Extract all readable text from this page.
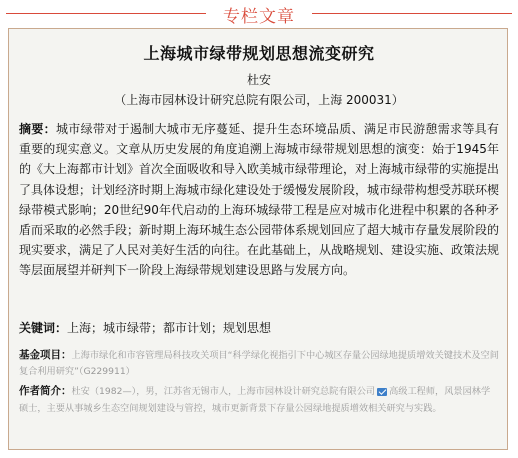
专栏文章
上海城市绿带规划思想流变研究
杜安
（上海市园林设计研究总院有限公司，上海 200031）
摘要：城市绿带对于遏制大城市无序蔓延、提升生态环境品质、满足市民游憩需求等具有重要的现实意义。文章从历史发展的角度追溯上海城市绿带规划思想的演变：始于1945年的《大上海都市计划》首次全面吸收和导入欧美城市绿带理论，对上海城市绿带的实施提出了具体设想；计划经济时期上海城市绿化建设处于缓慢发展阶段，城市绿带构想受苏联环楔绿带模式影响；20世纪90年代启动的上海环城绿带工程是应对城市化进程中积累的各种矛盾而采取的必然手段；新时期上海环城生态公园带体系规划回应了超大城市存量发展阶段的现实要求，满足了人民对美好生活的向往。在此基础上，从战略规划、建设实施、政策法规等层面展望并研判下一阶段上海绿带规划建设思路与发展方向。
关键词：上海；城市绿带；都市计划；规划思想
基金项目：上海市绿化和市容管理局科技攻关项目“科学绿化视指引下中心城区存量公园绿地提质增效关键技术及空间复合利用研究”（G229911）
作者简介：杜安（1982—），男，江苏省无锡市人，上海市园林设计研究总院有限公司 高级工程师，风景园林学硕士，主要从事城乡生态空间规划建设与管控，城市更新背景下存量公园绿地提质增效相关研究与实践。
